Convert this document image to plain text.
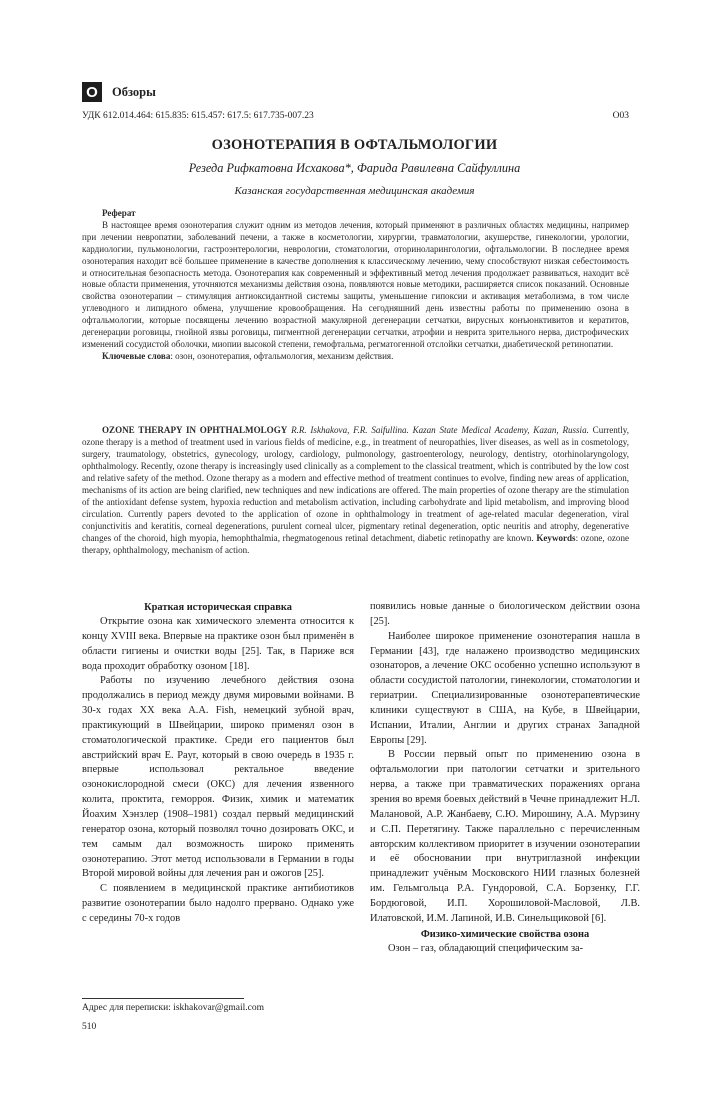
О	Обзоры
УДК 612.014.464: 615.835: 615.457: 617.5: 617.735-007.23	О03
ОЗОНОТЕРАПИЯ В ОФТАЛЬМОЛОГИИ
Резеда Рифкатовна Исхакова*, Фарида Равилевна Сайфуллина
Казанская государственная медицинская академия
Реферат

В настоящее время озонотерапия служит одним из методов лечения, который применяют в различных областях медицины, например при лечении невропатии, заболеваний печени, а также в косметологии, хирургии, травматологии, акушерстве, гинекологии, урологии, кардиологии, пульмонологии, гастроэнтерологии, неврологии, стоматологии, оториноларингологии, офтальмологии. В последнее время озонотерапия находит всё большее применение в качестве дополнения к классическому лечению, чему способствуют низкая себестоимость и относительная безопасность метода. Озонотерапия как современный и эффективный метод лечения продолжает развиваться, находит всё новые области применения, уточняются механизмы действия озона, появляются новые методики, расширяется список показаний. Основные свойства озонотерапии – стимуляция антиоксидантной системы защиты, уменьшение гипоксии и активация метаболизма, в том числе углеводного и липидного обмена, улучшение кровообращения. На сегодняшний день известны работы по применению озона в офтальмологии, которые посвящены лечению возрастной макулярной дегенерации сетчатки, вирусных конъюнктивитов и кератитов, дегенерации роговицы, гнойной язвы роговицы, пигментной дегенерации сетчатки, атрофии и неврита зрительного нерва, дистрофических изменений сосудистой оболочки, миопии высокой степени, гемофтальма, регматогенной отслойки сетчатки, диабетической ретинопатии.

Ключевые слова: озон, озонотерапия, офтальмология, механизм действия.

OZONE THERAPY IN OPHTHALMOLOGY R.R. Iskhakova, F.R. Saifullina. Kazan State Medical Academy, Kazan, Russia. Currently, ozone therapy is a method of treatment used in various fields of medicine, e.g., in treatment of neuropathies, liver diseases, as well as in cosmetology, surgery, traumatology, obstetrics, gynecology, urology, cardiology, pulmonology, gastroenterology, neurology, dentistry, otorhinolaryngology, ophthalmology. Recently, ozone therapy is increasingly used clinically as a complement to the classical treatment, which is contributed by the low cost and relative safety of the method. Ozone therapy as a modern and effective method of treatment continues to evolve, finding new areas of application, mechanisms of its action are being clarified, new techniques and new indications are offered. The main properties of ozone therapy are the stimulation of the antioxidant defense system, hypoxia reduction and metabolism activation, including carbohydrate and lipid metabolism, and improving blood circulation. Currently papers devoted to the application of ozone in ophthalmology in treatment of age-related macular degeneration, viral conjunctivitis and keratitis, corneal degenerations, purulent corneal ulcer, pigmentary retinal degeneration, optic neuritis and atrophy, degenerative changes of the choroid, high myopia, hemophthalmia, rhegmatogenous retinal detachment, diabetic retinopathy are known. Keywords: ozone, ozone therapy, ophthalmology, mechanism of action.

Краткая историческая справка

Открытие озона как химического элемента относится к концу XVIII века. Впервые на практике озон был применён в области гигиены и очистки воды [25]. Так, в Париже вся вода проходит обработку озоном [18].

Работы по изучению лечебного действия озона продолжались в период между двумя мировыми войнами. В 30-х годах XX века A.A. Fish, немецкий зубной врач, практикующий в Швейцарии, широко применял озон в стоматологической практике. Среди его пациентов был австрийский врач E. Payr, который в свою очередь в 1935 г. впервые использовал ректальное введение озонокислородной смеси (ОКС) для лечения язвенного колита, проктита, геморроя. Физик, химик и математик Йоахим Хэнзлер (1908–1981) создал первый медицинский генератор озона, который позволял точно дозировать ОКС, и тем самым дал возможность широко применять озонотерапию. Этот метод использовали в Германии в годы Второй мировой войны для лечения ран и ожогов [25].

С появлением в медицинской практике антибиотиков развитие озонотерапии было надолго прервано. Однако уже с середины 70-х годов

появились новые данные о биологическом действии озона [25].

Наиболее широкое применение озонотерапия нашла в Германии [43], где налажено производство медицинских озонаторов, а лечение ОКС особенно успешно используют в области сосудистой патологии, гинекологии, стоматологии и гериатрии. Специализированные озонотерапевтические клиники существуют в США, на Кубе, в Швейцарии, Испании, Италии, Англии и других странах Западной Европы [29].

В России первый опыт по применению озона в офтальмологии при патологии сетчатки и зрительного нерва, а также при травматических поражениях органа зрения во время боевых действий в Чечне принадлежит Н.Л. Малановой, А.Р. Жанбаеву, С.Ю. Мирошину, А.А. Мурзину и С.П. Перетягину. Также параллельно с перечисленным авторским коллективом приоритет в изучении озонотерапии и её обосновании при внутриглазной инфекции принадлежит учёным Московского НИИ глазных болезней им. Гельмгольца Р.А. Гундоровой, С.А. Борзенку, Г.Г. Бордюговой, И.П. Хорошиловой-Масловой, Л.В. Илатовской, И.М. Лапиной, И.В. Синельщиковой [6].

Физико-химические свойства озона

Озон – газ, обладающий специфическим за-

Адрес для переписки: iskhakovar@gmail.com
510
